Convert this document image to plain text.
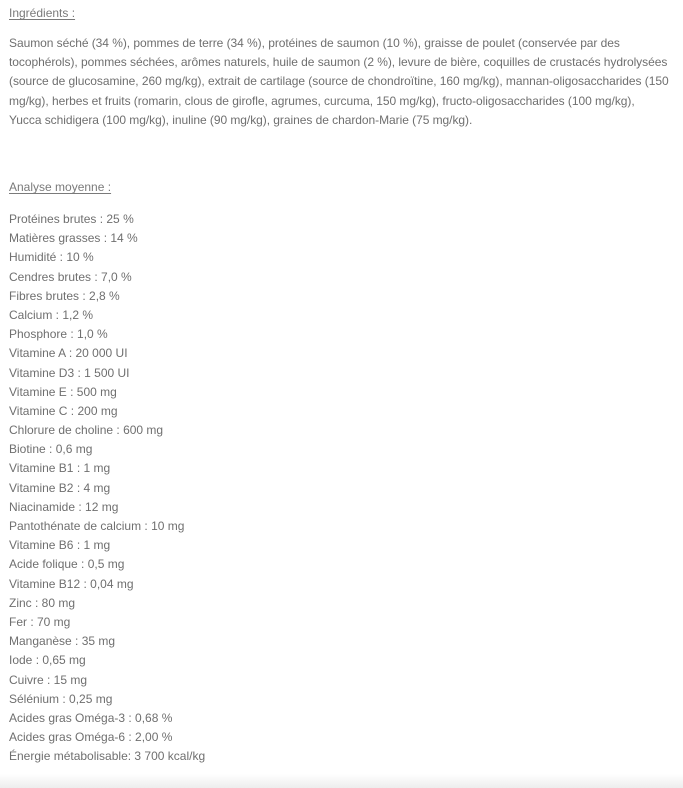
Ingrédients :

Saumon séché (34 %), pommes de terre (34 %), protéines de saumon (10 %), graisse de poulet (conservée par des tocophérols), pommes séchées, arômes naturels, huile de saumon (2 %), levure de bière, coquilles de crustacés hydrolysées (source de glucosamine, 260 mg/kg), extrait de cartilage (source de chondroïtine, 160 mg/kg), mannan-oligosaccharides (150 mg/kg), herbes et fruits (romarin, clous de girofle, agrumes, curcuma, 150 mg/kg), fructo-oligosaccharides (100 mg/kg), Yucca schidigera (100 mg/kg), inuline (90 mg/kg), graines de chardon-Marie (75 mg/kg).

Analyse moyenne :
Protéines brutes : 25 %
Matières grasses : 14 %
Humidité : 10 %
Cendres brutes : 7,0 %
Fibres brutes : 2,8 %
Calcium : 1,2 %
Phosphore : 1,0 %
Vitamine A : 20 000 UI
Vitamine D3 : 1 500 UI
Vitamine E : 500 mg
Vitamine C : 200 mg
Chlorure de choline : 600 mg
Biotine : 0,6 mg
Vitamine B1 : 1 mg
Vitamine B2 : 4 mg
Niacinamide : 12 mg
Pantothénate de calcium : 10 mg
Vitamine B6 : 1 mg
Acide folique : 0,5 mg
Vitamine B12 : 0,04 mg
Zinc : 80 mg
Fer : 70 mg
Manganèse : 35 mg
Iode : 0,65 mg
Cuivre : 15 mg
Sélénium : 0,25 mg
Acides gras Oméga-3 : 0,68 %
Acides gras Oméga-6 : 2,00 %
Énergie métabolisable: 3 700 kcal/kg
